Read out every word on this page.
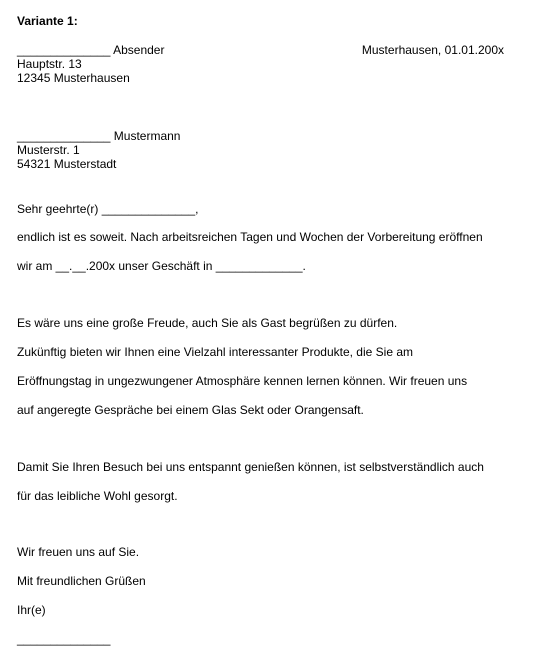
Variante 1:
______________ Absender	Musterhausen, 01.01.200x
Hauptstr. 13
12345 Musterhausen
______________ Mustermann
Musterstr. 1
54321 Musterstadt
Sehr geehrte(r) ______________,
endlich ist es soweit. Nach arbeitsreichen Tagen und Wochen der Vorbereitung eröffnen
wir am __.__.200x unser Geschäft in _____________.
Es wäre uns eine große Freude, auch Sie als Gast begrüßen zu dürfen.
Zukünftig bieten wir Ihnen eine Vielzahl interessanter Produkte, die Sie am
Eröffnungstag in ungezwungener Atmosphäre kennen lernen können. Wir freuen uns
auf angeregte Gespräche bei einem Glas Sekt oder Orangensaft.
Damit Sie Ihren Besuch bei uns entspannt genießen können, ist selbstverständlich auch
für das leibliche Wohl gesorgt.
Wir freuen uns auf Sie.
Mit freundlichen Grüßen
Ihr(e)
______________
